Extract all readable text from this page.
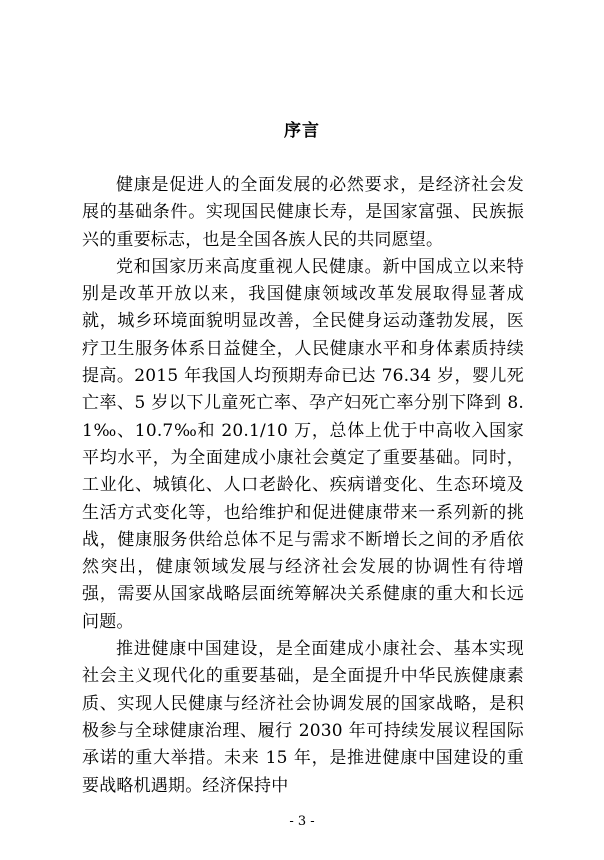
序言

健康是促进人的全面发展的必然要求，是经济社会发展的基础条件。实现国民健康长寿，是国家富强、民族振兴的重要标志，也是全国各族人民的共同愿望。

党和国家历来高度重视人民健康。新中国成立以来特别是改革开放以来，我国健康领域改革发展取得显著成就，城乡环境面貌明显改善，全民健身运动蓬勃发展，医疗卫生服务体系日益健全，人民健康水平和身体素质持续提高。2015 年我国人均预期寿命已达 76.34 岁，婴儿死亡率、5 岁以下儿童死亡率、孕产妇死亡率分别下降到 8.1‰、10.7‰和 20.1/10 万，总体上优于中高收入国家平均水平，为全面建成小康社会奠定了重要基础。同时，工业化、城镇化、人口老龄化、疾病谱变化、生态环境及生活方式变化等，也给维护和促进健康带来一系列新的挑战，健康服务供给总体不足与需求不断增长之间的矛盾依然突出，健康领域发展与经济社会发展的协调性有待增强，需要从国家战略层面统筹解决关系健康的重大和长远问题。

推进健康中国建设，是全面建成小康社会、基本实现社会主义现代化的重要基础，是全面提升中华民族健康素质、实现人民健康与经济社会协调发展的国家战略，是积极参与全球健康治理、履行 2030 年可持续发展议程国际承诺的重大举措。未来 15 年，是推进健康中国建设的重要战略机遇期。经济保持中

- 3 -
